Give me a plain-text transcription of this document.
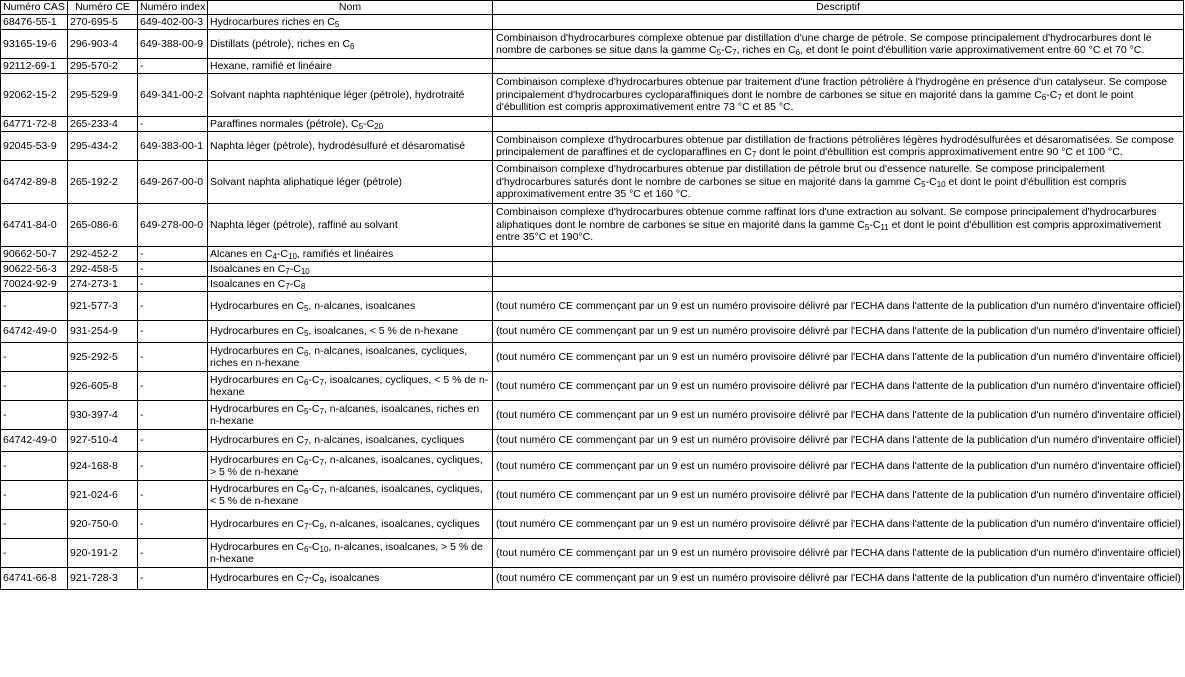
Numéro CAS	Numéro CE	Numéro index	Nom	Descriptif
68476-55-1	270-695-5	649-402-00-3	Hydrocarbures riches en $C_5$	
93165-19-6	296-903-4	649-388-00-9	Distillats (pétrole), riches en $C_6$	Combinaison d'hydrocarbures complexe obtenue par distillation d'une charge de pétrole. Se compose principalement d'hydrocarbures dont le nombre de carbones se situe dans la gamme $C_5-C_7$, riches en $C_6$, et dont le point d'ébullition varie approximativement entre 60 °C et 70 °C.
92112-69-1	295-570-2	-	Hexane, ramifié et linéaire	
92062-15-2	295-529-9	649-341-00-2	Solvant naphta naphténique léger (pétrole), hydrotraité	Combinaison complexe d'hydrocarbures obtenue par traitement d'une fraction pétrolière à l'hydrogène en présence d'un catalyseur. Se compose principalement d'hydrocarbures cycloparaffiniques dont le nombre de carbones se situe en majorité dans la gamme $C_6-C_7$ et dont le point d'ébullition est compris approximativement entre 73 °C et 85 °C.
64771-72-8	265-233-4	-	Paraffines normales (pétrole), $C_5-C_{20}$	
92045-53-9	295-434-2	649-383-00-1	Naphta léger (pétrole), hydrodésulfuré et désaromatisé	Combinaison complexe d'hydrocarbures obtenue par distillation de fractions pétrolières légères hydrodésulfurées et désaromatisées. Se compose principalement de paraffines et de cycloparaffines en $C_7$ dont le point d'ébullition est compris approximativement entre 90 °C et 100 °C.
64742-89-8	265-192-2	649-267-00-0	Solvant naphta aliphatique léger (pétrole)	Combinaison complexe d'hydrocarbures obtenue par distillation de pétrole brut ou d'essence naturelle. Se compose principalement d'hydrocarbures saturés dont le nombre de carbones se situe en majorité dans la gamme $C_5-C_{10}$ et dont le point d'ébullition est compris approximativement entre 35 °C et 160 °C.
64741-84-0	265-086-6	649-278-00-0	Naphta léger (pétrole), raffiné au solvant	Combinaison complexe d'hydrocarbures obtenue comme raffinat lors d'une extraction au solvant. Se compose principalement d'hydrocarbures aliphatiques dont le nombre de carbones se situe en majorité dans la gamme $C_5-C_{11}$ et dont le point d'ébullition est compris approximativement entre 35°C et 190°C.
90662-50-7	292-452-2	-	Alcanes en $C_4-C_{10}$, ramifiés et linéaires	
90622-56-3	292-458-5	-	Isoalcanes en $C_7-C_{10}$	
70024-92-9	274-273-1	-	Isoalcanes en $C_7-C_8$	
-	921-577-3	-	Hydrocarbures en $C_5$, n-alcanes, isoalcanes	(tout numéro CE commençant par un 9 est un numéro provisoire délivré par l'ECHA dans l'attente de la publication d'un numéro d'inventaire officiel)
64742-49-0	931-254-9	-	Hydrocarbures en $C_5$, isoalcanes, < 5 % de n-hexane	(tout numéro CE commençant par un 9 est un numéro provisoire délivré par l'ECHA dans l'attente de la publication d'un numéro d'inventaire officiel)
-	925-292-5	-	Hydrocarbures en $C_6$, n-alcanes, isoalcanes, cycliques, riches en n-hexane	(tout numéro CE commençant par un 9 est un numéro provisoire délivré par l'ECHA dans l'attente de la publication d'un numéro d'inventaire officiel)
-	926-605-8	-	Hydrocarbures en $C_6-C_7$, isoalcanes, cycliques, < 5 % de n-hexane	(tout numéro CE commençant par un 9 est un numéro provisoire délivré par l'ECHA dans l'attente de la publication d'un numéro d'inventaire officiel)
-	930-397-4	-	Hydrocarbures en $C_5-C_7$, n-alcanes, isoalcanes, riches en n-hexane	(tout numéro CE commençant par un 9 est un numéro provisoire délivré par l'ECHA dans l'attente de la publication d'un numéro d'inventaire officiel)
64742-49-0	927-510-4	-	Hydrocarbures en $C_7$, n-alcanes, isoalcanes, cycliques	(tout numéro CE commençant par un 9 est un numéro provisoire délivré par l'ECHA dans l'attente de la publication d'un numéro d'inventaire officiel)
-	924-168-8	-	Hydrocarbures en $C_6-C_7$, n-alcanes, isoalcanes, cycliques, > 5 % de n-hexane	(tout numéro CE commençant par un 9 est un numéro provisoire délivré par l'ECHA dans l'attente de la publication d'un numéro d'inventaire officiel)
-	921-024-6	-	Hydrocarbures en $C_6-C_7$, n-alcanes, isoalcanes, cycliques, < 5 % de n-hexane	(tout numéro CE commençant par un 9 est un numéro provisoire délivré par l'ECHA dans l'attente de la publication d'un numéro d'inventaire officiel)
-	920-750-0	-	Hydrocarbures en $C_7-C_9$, n-alcanes, isoalcanes, cycliques	(tout numéro CE commençant par un 9 est un numéro provisoire délivré par l'ECHA dans l'attente de la publication d'un numéro d'inventaire officiel)
-	920-191-2	-	Hydrocarbures en $C_6-C_{10}$, n-alcanes, isoalcanes, > 5 % de n-hexane	(tout numéro CE commençant par un 9 est un numéro provisoire délivré par l'ECHA dans l'attente de la publication d'un numéro d'inventaire officiel)
64741-66-8	921-728-3	-	Hydrocarbures en $C_7-C_9$, isoalcanes	(tout numéro CE commençant par un 9 est un numéro provisoire délivré par l'ECHA dans l'attente de la publication d'un numéro d'inventaire officiel)
